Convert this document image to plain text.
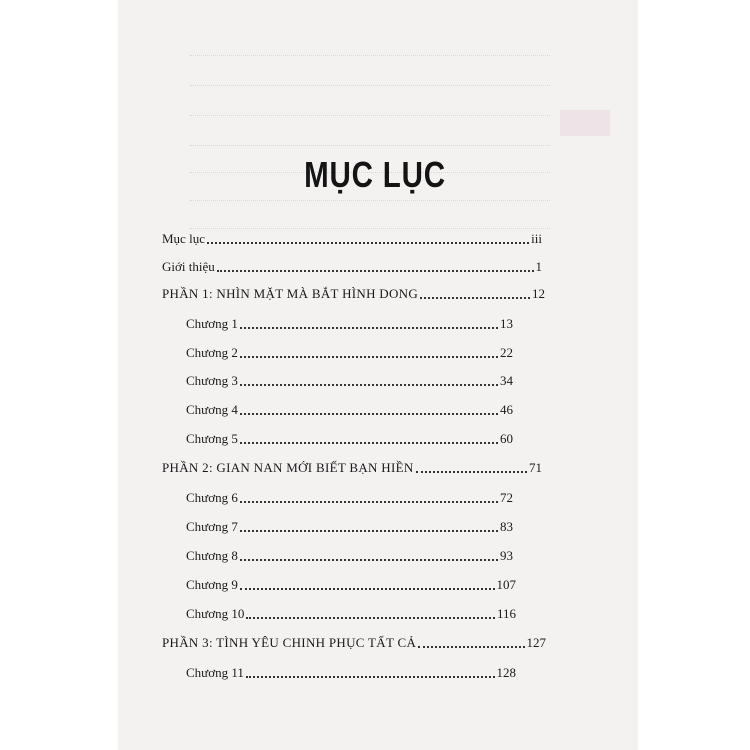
MỤC LỤC
Mục lục	iii
Giới thiệu	1
PHẦN 1: NHÌN MẶT MÀ BẮT HÌNH DONG	12
Chương 1	13
Chương 2	22
Chương 3	34
Chương 4	46
Chương 5	60
PHẦN 2: GIAN NAN MỚI BIẾT BẠN HIỀN	71
Chương 6	72
Chương 7	83
Chương 8	93
Chương 9	107
Chương 10	116
PHẦN 3: TÌNH YÊU CHINH PHỤC TẤT CẢ	127
Chương 11	128
